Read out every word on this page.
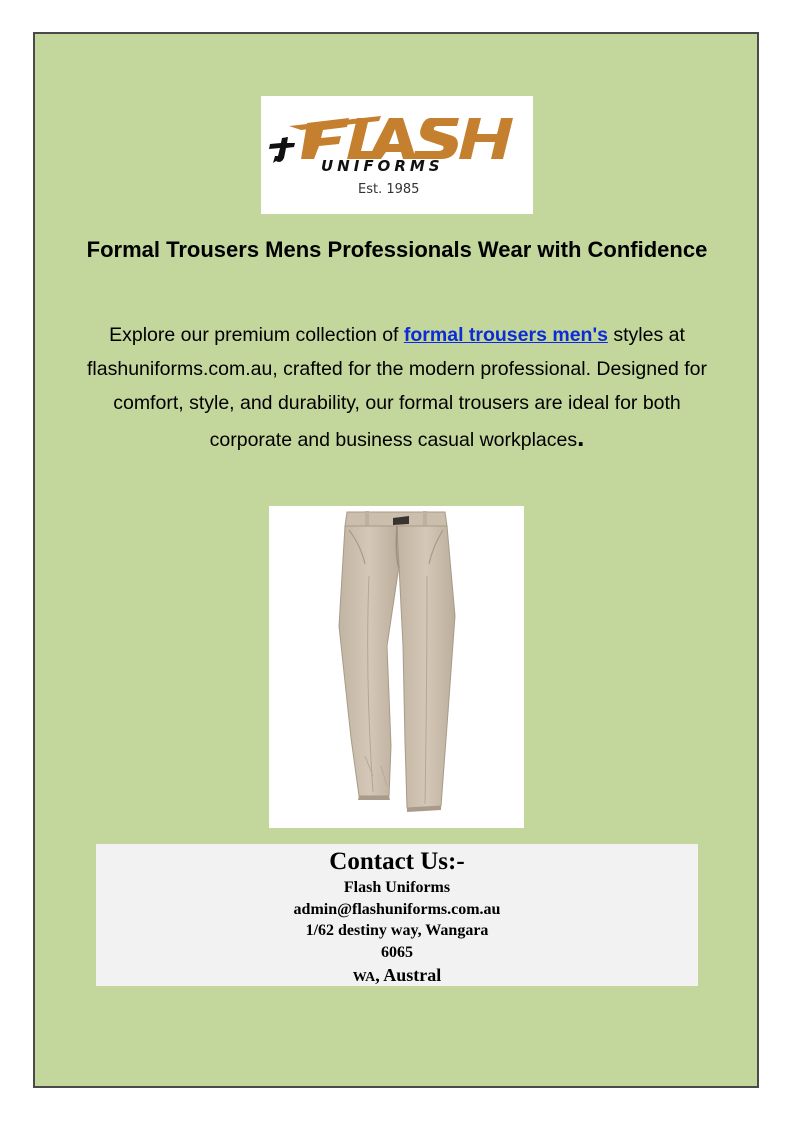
UNIFORMS
Est. 1985
Formal Trousers Mens Professionals Wear with Confidence

Explore our premium collection of formal trousers men's styles at flashuniforms.com.au, crafted for the modern professional. Designed for comfort, style, and durability, our formal trousers are ideal for both corporate and business casual workplaces.

Contact Us:-
Flash Uniforms
admin@flashuniforms.com.au
1/62 destiny way, Wangara
6065
WA, Austral
